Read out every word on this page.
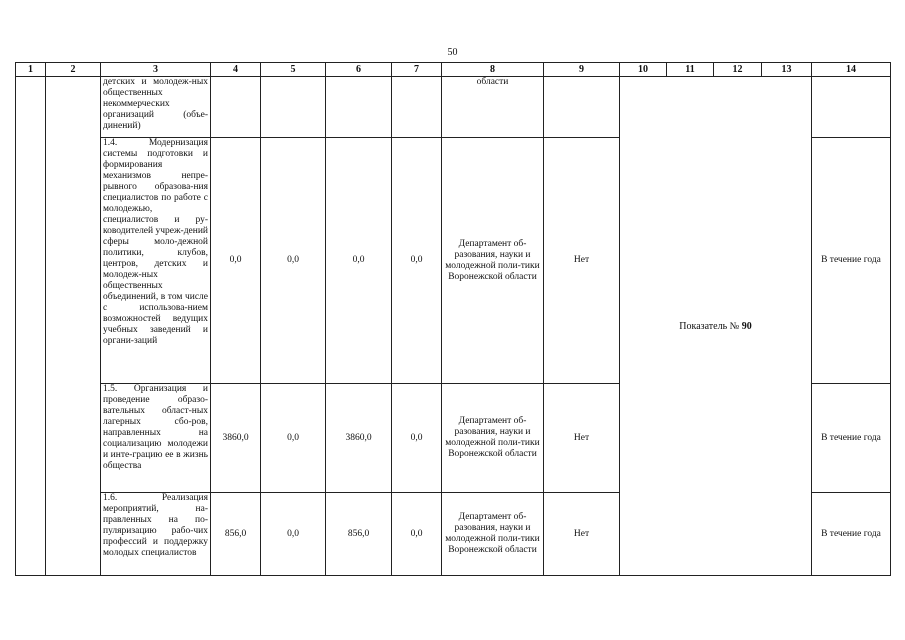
50
1	2	3	4	5	6	7	8	9	10	11	12	13	14
		детских и молодеж-ных общественных некоммерческих организаций (объе-динений)					области		Показатель № 90				
		1.4. Модернизация системы подготовки и формирования механизмов непре-рывного образова-ния специалистов по работе с молодежью, специалистов и ру-ководителей учреж-дений сферы моло-дежной политики, клубов, центров, детских и молодеж-ных общественных объединений, в том числе с использова-нием возможностей ведущих учебных заведений и органи-заций	0,0	0,0	0,0	0,0	Департамент об-разования, науки и молодежной поли-тики Воронежской области	Нет					В течение года
		1.5. Организация и проведение образо-вательных област-ных лагерных сбо-ров, направленных на социализацию молодежи и инте-грацию ее в жизнь общества	3860,0	0,0	3860,0	0,0	Департамент об-разования, науки и молодежной поли-тики Воронежской области	Нет					В течение года
		1.6. Реализация мероприятий, на-правленных на по-пуляризацию рабо-чих профессий и поддержку молодых специалистов	856,0	0,0	856,0	0,0	Департамент об-разования, науки и молодежной поли-тики Воронежской области	Нет					В течение года
